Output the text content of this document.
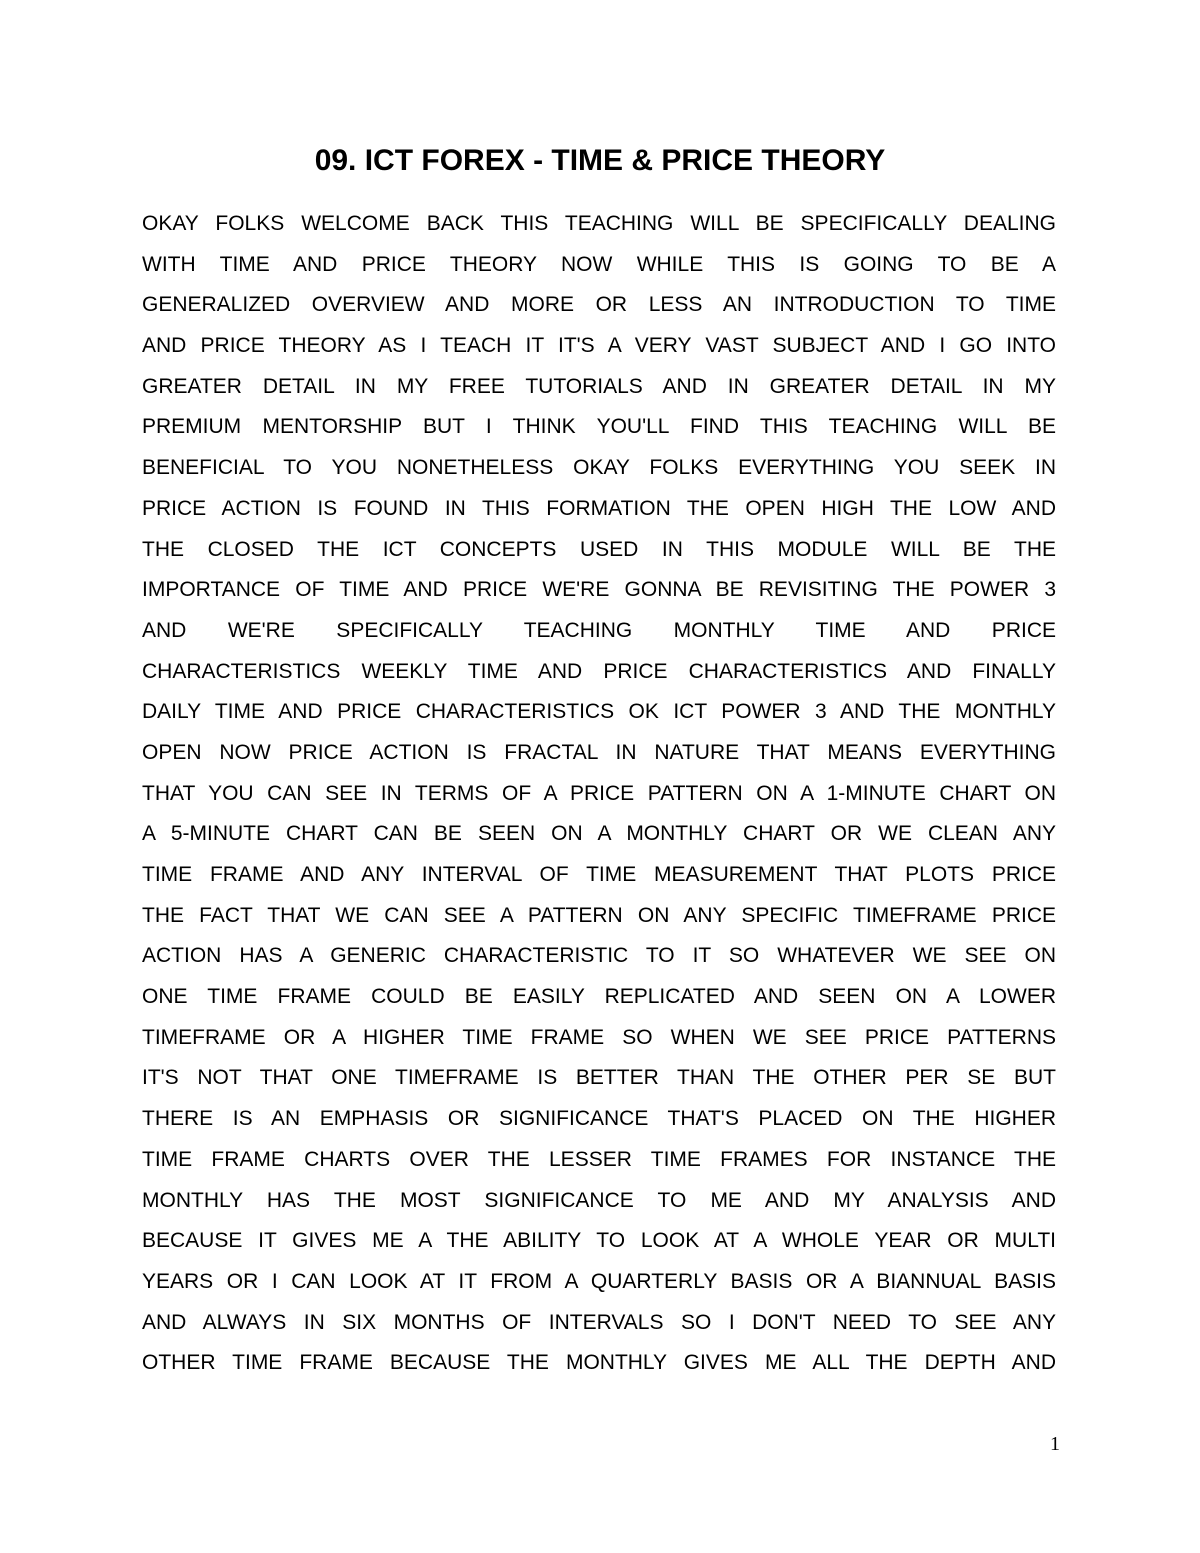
09. ICT FOREX - TIME & PRICE THEORY
OKAY FOLKS WELCOME BACK THIS TEACHING WILL BE SPECIFICALLY DEALING
WITH TIME AND PRICE THEORY NOW WHILE THIS IS GOING TO BE A
GENERALIZED OVERVIEW AND MORE OR LESS AN INTRODUCTION TO TIME
AND PRICE THEORY AS I TEACH IT IT'S A VERY VAST SUBJECT AND I GO INTO
GREATER DETAIL IN MY FREE TUTORIALS AND IN GREATER DETAIL IN MY
PREMIUM MENTORSHIP BUT I THINK YOU'LL FIND THIS TEACHING WILL BE
BENEFICIAL TO YOU NONETHELESS OKAY FOLKS EVERYTHING YOU SEEK IN
PRICE ACTION IS FOUND IN THIS FORMATION THE OPEN HIGH THE LOW AND
THE CLOSED THE ICT CONCEPTS USED IN THIS MODULE WILL BE THE
IMPORTANCE OF TIME AND PRICE WE'RE GONNA BE REVISITING THE POWER 3
AND WE'RE SPECIFICALLY TEACHING MONTHLY TIME AND PRICE
CHARACTERISTICS WEEKLY TIME AND PRICE CHARACTERISTICS AND FINALLY
DAILY TIME AND PRICE CHARACTERISTICS OK ICT POWER 3 AND THE MONTHLY
OPEN NOW PRICE ACTION IS FRACTAL IN NATURE THAT MEANS EVERYTHING
THAT YOU CAN SEE IN TERMS OF A PRICE PATTERN ON A 1-MINUTE CHART ON
A 5-MINUTE CHART CAN BE SEEN ON A MONTHLY CHART OR WE CLEAN ANY
TIME FRAME AND ANY INTERVAL OF TIME MEASUREMENT THAT PLOTS PRICE
THE FACT THAT WE CAN SEE A PATTERN ON ANY SPECIFIC TIMEFRAME PRICE
ACTION HAS A GENERIC CHARACTERISTIC TO IT SO WHATEVER WE SEE ON
ONE TIME FRAME COULD BE EASILY REPLICATED AND SEEN ON A LOWER
TIMEFRAME OR A HIGHER TIME FRAME SO WHEN WE SEE PRICE PATTERNS
IT'S NOT THAT ONE TIMEFRAME IS BETTER THAN THE OTHER PER SE BUT
THERE IS AN EMPHASIS OR SIGNIFICANCE THAT'S PLACED ON THE HIGHER
TIME FRAME CHARTS OVER THE LESSER TIME FRAMES FOR INSTANCE THE
MONTHLY HAS THE MOST SIGNIFICANCE TO ME AND MY ANALYSIS AND
BECAUSE IT GIVES ME A THE ABILITY TO LOOK AT A WHOLE YEAR OR MULTI
YEARS OR I CAN LOOK AT IT FROM A QUARTERLY BASIS OR A BIANNUAL BASIS
AND ALWAYS IN SIX MONTHS OF INTERVALS SO I DON'T NEED TO SEE ANY
OTHER TIME FRAME BECAUSE THE MONTHLY GIVES ME ALL THE DEPTH AND
1
